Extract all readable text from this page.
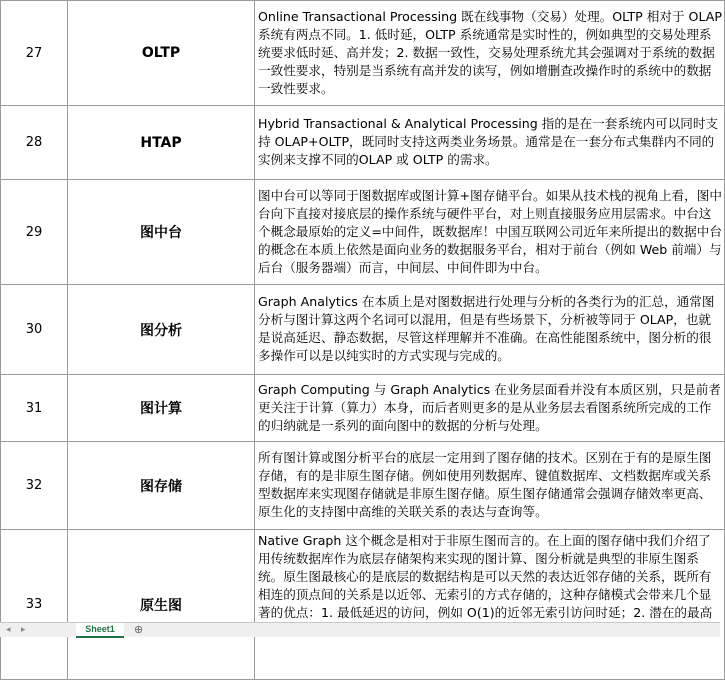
27	OLTP	Online Transactional Processing 既在线事物（交易）处理。OLTP 相对于 OLAP 系统有两点不同。1. 低时延，OLTP 系统通常是实时性的，例如典型的交易处理系统要求低时延、高并发；2. 数据一致性，交易处理系统尤其会强调对于系统的数据一致性要求，特别是当系统有高并发的读写，例如增删查改操作时的系统中的数据一致性要求。
28	HTAP	Hybrid Transactional & Analytical Processing 指的是在一套系统内可以同时支持 OLAP+OLTP，既同时支持这两类业务场景。通常是在一套分布式集群内不同的实例来支撑不同的OLAP 或 OLTP 的需求。
29	图中台	图中台可以等同于图数据库或图计算+图存储平台。如果从技术栈的视角上看，图中台向下直接对接底层的操作系统与硬件平台，对上则直接服务应用层需求。中台这个概念最原始的定义=中间件，既数据库！中国互联网公司近年来所提出的数据中台的概念在本质上依然是面向业务的数据服务平台，相对于前台（例如 Web 前端）与后台（服务器端）而言，中间层、中间件即为中台。
30	图分析	Graph Analytics 在本质上是对图数据进行处理与分析的各类行为的汇总，通常图分析与图计算这两个名词可以混用，但是有些场景下，分析被等同于 OLAP，也就是说高延迟、静态数据，尽管这样理解并不准确。在高性能图系统中，图分析的很多操作可以是以纯实时的方式实现与完成的。
31	图计算	Graph Computing 与 Graph Analytics 在业务层面看并没有本质区别，只是前者更关注于计算（算力）本身，而后者则更多的是从业务层去看图系统所完成的工作的归纳就是一系列的面向图中的数据的分析与处理。
32	图存储	所有图计算或图分析平台的底层一定用到了图存储的技术。区别在于有的是原生图存储，有的是非原生图存储。例如使用列数据库、键值数据库、文档数据库或关系型数据库来实现图存储就是非原生图存储。原生图存储通常会强调存储效率更高、原生化的支持图中高维的关联关系的表达与查询等。
33	原生图	Native Graph 这个概念是相对于非原生图而言的。在上面的图存储中我们介绍了用传统数据库作为底层存储架构来实现的图计算、图分析就是典型的非原生图系统。原生图最核心的是底层的数据结构是可以天然的表达近邻存储的关系，既所有相连的顶点间的关系是以近邻、无索引的方式存储的，这种存储模式会带来几个显著的优点：1. 最低延迟的访问，例如 O(1)的近邻无索引访问时延；2. 潜在的最高
◂ ▸	Sheet1	⊕
